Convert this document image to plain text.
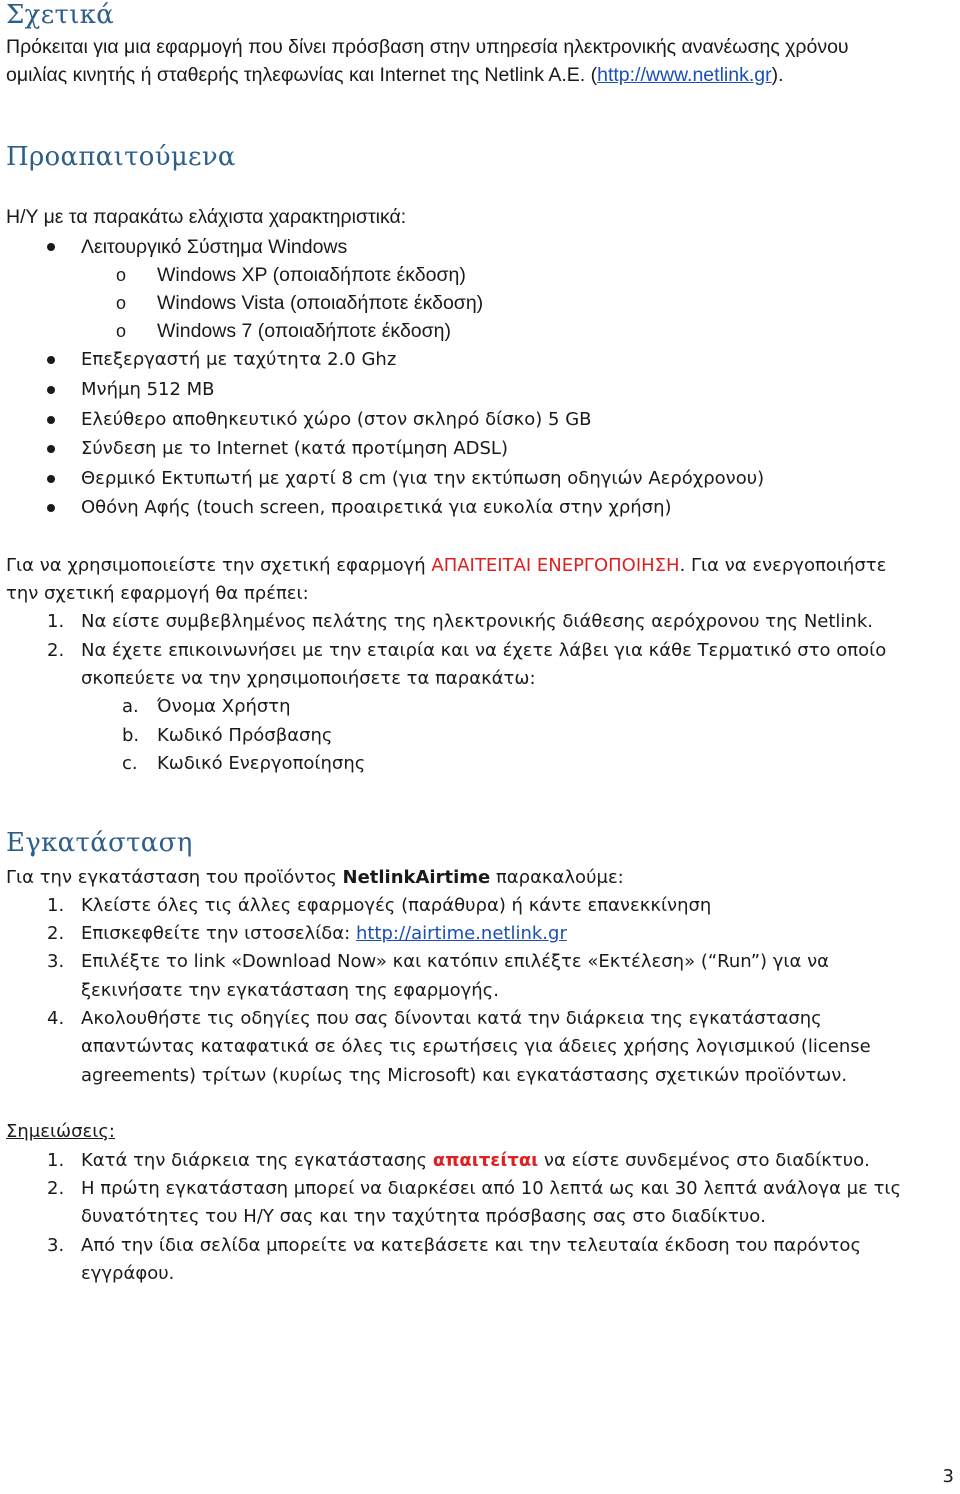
Σχετικά

Πρόκειται για μια εφαρμογή που δίνει πρόσβαση στην υπηρεσία ηλεκτρονικής ανανέωσης χρόνου

ομιλίας κινητής ή σταθερής τηλεφωνίας και Internet της Netlink A.E. (http://www.netlink.gr).

Προαπαιτούμενα

Η/Υ με τα παρακάτω ελάχιστα χαρακτηριστικά:

Λειτουργικό Σύστημα Windows

o Windows XP (οποιαδήποτε έκδοση)

o Windows Vista (οποιαδήποτε έκδοση)

o Windows 7 (οποιαδήποτε έκδοση)

Επεξεργαστή με ταχύτητα 2.0 Ghz

Μνήμη 512 MB

Ελεύθερο αποθηκευτικό χώρο (στον σκληρό δίσκο) 5 GB

Σύνδεση με το Internet (κατά προτίμηση ADSL)

Θερμικό Εκτυπωτή με χαρτί 8 cm (για την εκτύπωση οδηγιών Αερόχρονου)

Οθόνη Αφής (touch screen, προαιρετικά για ευκολία στην χρήση)

Για να χρησιμοποιείστε την σχετική εφαρμογή ΑΠΑΙΤΕΙΤΑΙ ΕΝΕΡΓΟΠΟΙΗΣΗ. Για να ενεργοποιήστε

την σχετική εφαρμογή θα πρέπει:

1. Να είστε συμβεβλημένος πελάτης της ηλεκτρονικής διάθεσης αερόχρονου της Netlink.

2. Να έχετε επικοινωνήσει με την εταιρία και να έχετε λάβει για κάθε Τερματικό στο οποίο

σκοπεύετε να την χρησιμοποιήσετε τα παρακάτω:

a. Όνομα Χρήστη

b. Κωδικό Πρόσβασης

c. Κωδικό Ενεργοποίησης

Εγκατάσταση

Για την εγκατάσταση του προϊόντος NetlinkAirtime παρακαλούμε:

1. Κλείστε όλες τις άλλες εφαρμογές (παράθυρα) ή κάντε επανεκκίνηση

2. Επισκεφθείτε την ιστοσελίδα: http://airtime.netlink.gr

3. Επιλέξτε το link «Download Now» και κατόπιν επιλέξτε «Εκτέλεση» (“Run”) για να

ξεκινήσατε την εγκατάσταση της εφαρμογής.

4. Ακολουθήστε τις οδηγίες που σας δίνονται κατά την διάρκεια της εγκατάστασης

απαντώντας καταφατικά σε όλες τις ερωτήσεις για άδειες χρήσης λογισμικού (license

agreements) τρίτων (κυρίως της Microsoft) και εγκατάστασης σχετικών προϊόντων.

Σημειώσεις:

1. Κατά την διάρκεια της εγκατάστασης απαιτείται να είστε συνδεμένος στο διαδίκτυο.

2. Η πρώτη εγκατάσταση μπορεί να διαρκέσει από 10 λεπτά ως και 30 λεπτά ανάλογα με τις

δυνατότητες του Η/Υ σας και την ταχύτητα πρόσβασης σας στο διαδίκτυο.

3. Από την ίδια σελίδα μπορείτε να κατεβάσετε και την τελευταία έκδοση του παρόντος

εγγράφου.

3
